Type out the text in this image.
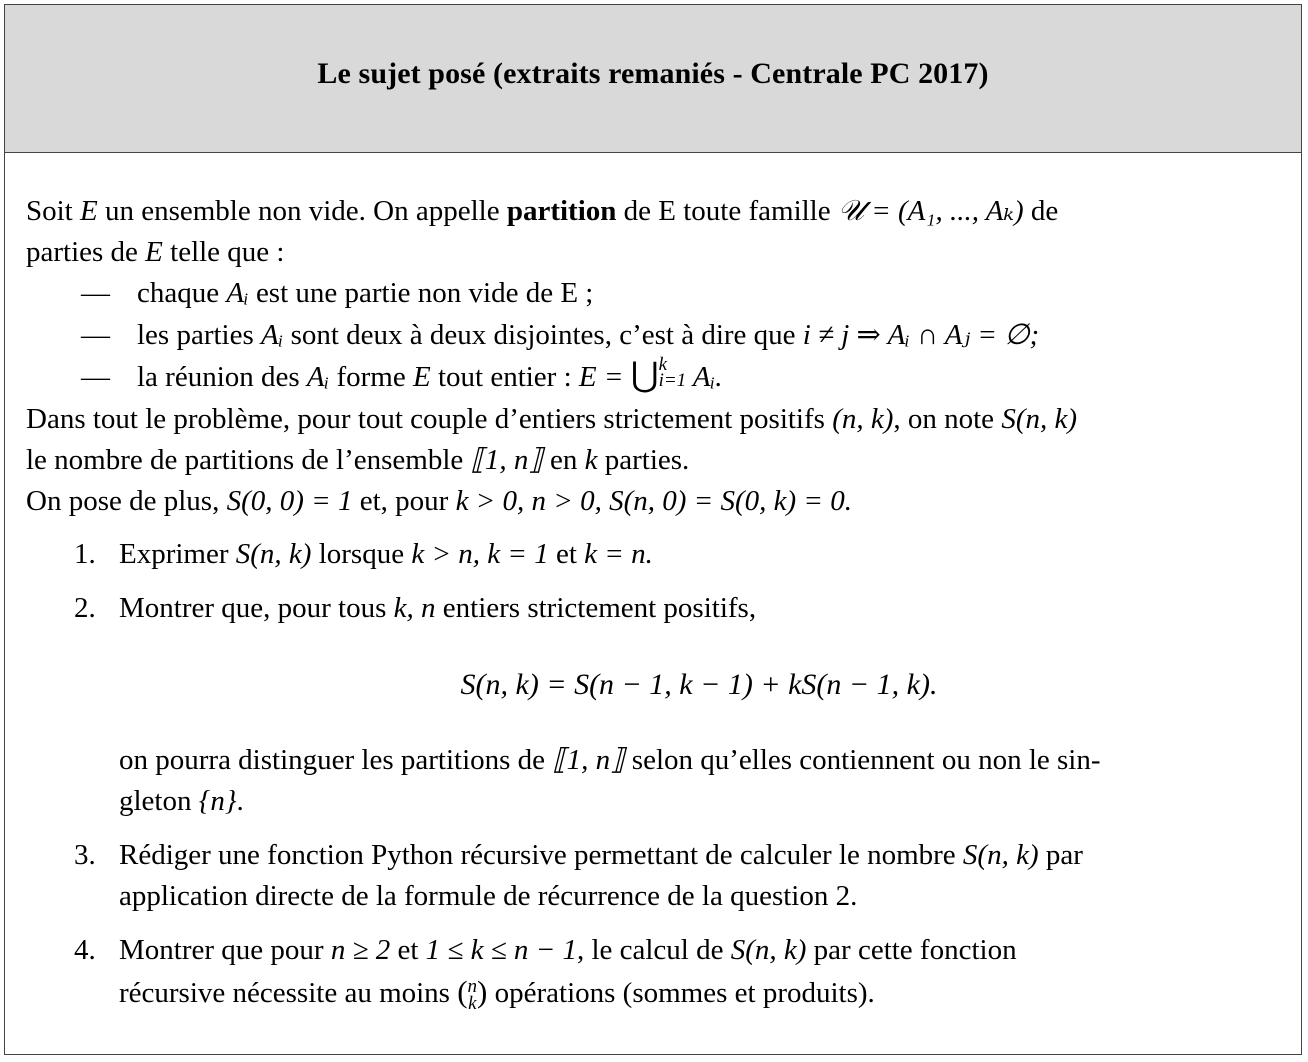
Le sujet posé (extraits remaniés - Centrale PC 2017)

Soit E un ensemble non vide. On appelle partition de E toute famille 𝒰 = (A₁, ..., Aₖ) de

parties de E telle que :

— chaque Aᵢ est une partie non vide de E ;
— les parties Aᵢ sont deux à deux disjointes, c’est à dire que i ≠ j ⇒ Aᵢ ∩ Aⱼ = ∅;
— la réunion des Aᵢ forme E tout entier : E = ⋃ k
i=1 Aᵢ.

Dans tout le problème, pour tout couple d’entiers strictement positifs (n, k), on note S(n, k)

le nombre de partitions de l’ensemble ⟦1, n⟧ en k parties.

On pose de plus, S(0, 0) = 1 et, pour k > 0, n > 0, S(n, 0) = S(0, k) = 0.

1. Exprimer S(n, k) lorsque k > n, k = 1 et k = n.
2. Montrer que, pour tous k, n entiers strictement positifs,
S(n, k) = S(n − 1, k − 1) + kS(n − 1, k).

on pourra distinguer les partitions de ⟦1, n⟧ selon qu’elles contiennent ou non le sin-

gleton {n}.

3. Rédiger une fonction Python récursive permettant de calculer le nombre S(n, k) par
application directe de la formule de récurrence de la question 2.
4. Montrer que pour n ≥ 2 et 1 ≤ k ≤ n − 1, le calcul de S(n, k) par cette fonction
récursive nécessite au moins ( n
k ) opérations (sommes et produits).
